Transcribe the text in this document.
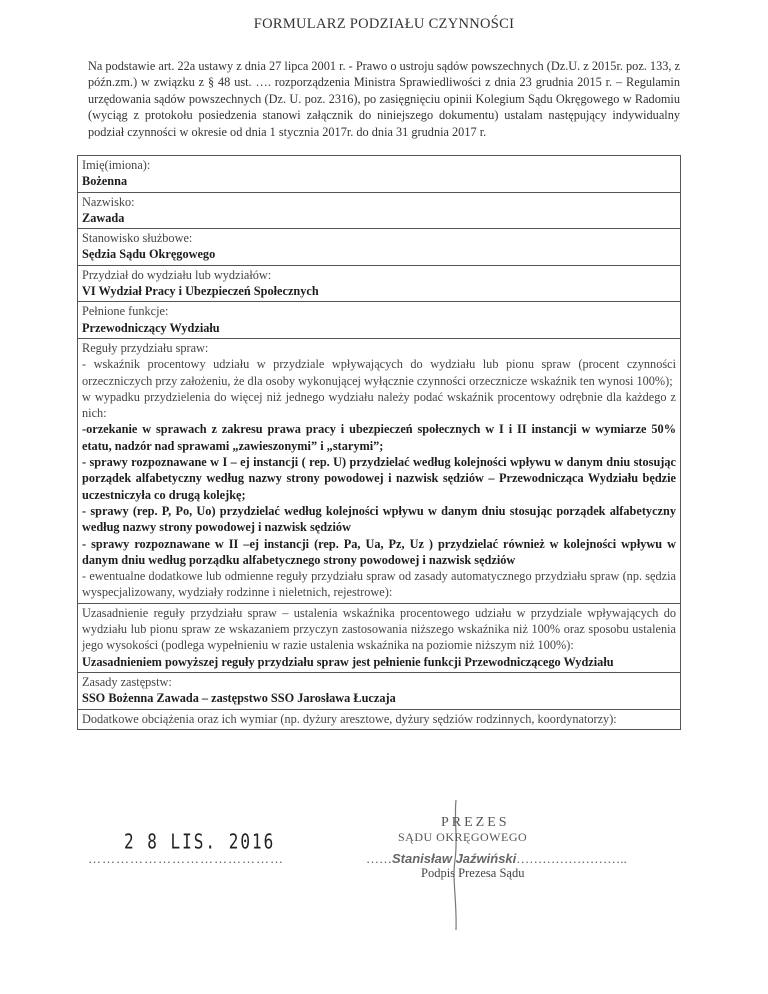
FORMULARZ PODZIAŁU CZYNNOŚCI
Na podstawie art. 22a ustawy z dnia 27 lipca 2001 r. - Prawo o ustroju sądów powszechnych (Dz.U. z 2015r. poz. 133, z późn.zm.) w związku z § 48 ust. …. rozporządzenia Ministra Sprawiedliwości z dnia 23 grudnia 2015 r. – Regulamin urzędowania sądów powszechnych (Dz. U. poz. 2316), po zasięgnięciu opinii Kolegium Sądu Okręgowego w Radomiu (wyciąg z protokołu posiedzenia stanowi załącznik do niniejszego dokumentu) ustalam następujący indywidualny podział czynności w okresie od dnia 1 stycznia 2017r. do dnia 31 grudnia 2017 r.
Imię(imiona):
Bożenna
Nazwisko:
Zawada
Stanowisko służbowe:
Sędzia Sądu Okręgowego
Przydział do wydziału lub wydziałów:
VI Wydział Pracy i Ubezpieczeń Społecznych
Pełnione funkcje:
Przewodniczący Wydziału
Reguły przydziału spraw:
- wskaźnik procentowy udziału w przydziale wpływających do wydziału lub pionu spraw (procent czynności orzeczniczych przy założeniu, że dla osoby wykonującej wyłącznie czynności orzecznicze wskaźnik ten wynosi 100%);
w wypadku przydzielenia do więcej niż jednego wydziału należy podać wskaźnik procentowy odrębnie dla każdego z nich:
-orzekanie w sprawach z zakresu prawa pracy i ubezpieczeń społecznych w I i II instancji w wymiarze 50% etatu, nadzór nad sprawami „zawieszonymi” i „starymi”;
- sprawy rozpoznawane w I – ej instancji ( rep. U) przydzielać według kolejności wpływu w danym dniu stosując porządek alfabetyczny według nazwy strony powodowej i nazwisk sędziów – Przewodnicząca Wydziału będzie uczestniczyła co drugą kolejkę;
- sprawy (rep. P, Po, Uo) przydzielać według kolejności wpływu w danym dniu stosując porządek alfabetyczny według nazwy strony powodowej i nazwisk sędziów
- sprawy rozpoznawane w II –ej instancji (rep. Pa, Ua, Pz, Uz ) przydzielać również w kolejności wpływu w danym dniu według porządku alfabetycznego strony powodowej i nazwisk sędziów
- ewentualne dodatkowe lub odmienne reguły przydziału spraw od zasady automatycznego przydziału spraw (np. sędzia wyspecjalizowany, wydziały rodzinne i nieletnich, rejestrowe):
Uzasadnienie reguły przydziału spraw – ustalenia wskaźnika procentowego udziału w przydziale wpływających do wydziału lub pionu spraw ze wskazaniem przyczyn zastosowania niższego wskaźnika niż 100% oraz sposobu ustalenia jego wysokości (podlega wypełnieniu w razie ustalenia wskaźnika na poziomie niższym niż 100%):
Uzasadnieniem powyższej reguły przydziału spraw jest pełnienie funkcji Przewodniczącego Wydziału
Zasady zastępstw:
SSO Bożenna Zawada – zastępstwo SSO Jarosława Łuczaja
Dodatkowe obciążenia oraz ich wymiar (np. dyżury aresztowe, dyżury sędziów rodzinnych, koordynatorzy):
2 8 LIS. 2016
……………………………………
PREZES
SĄDU OKRĘGOWEGO
……Stanisław Jaźwiński……………………..
Podpis Prezesa Sądu
